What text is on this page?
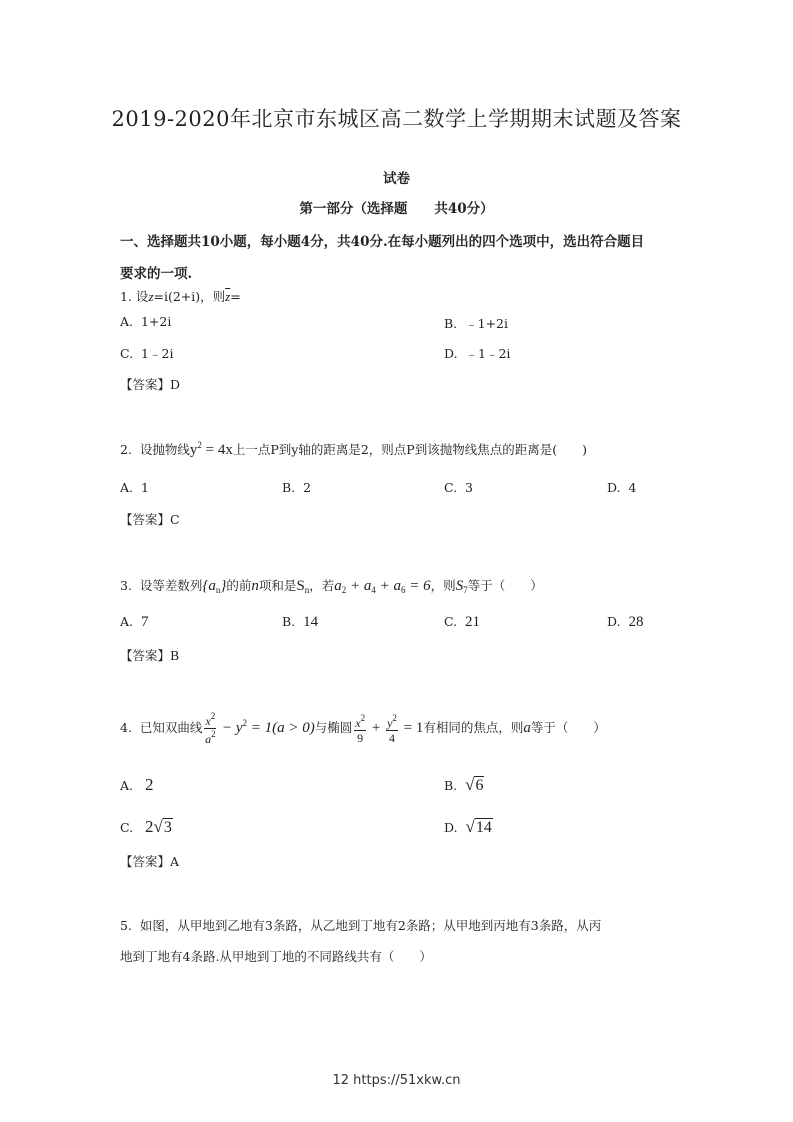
2019-2020年北京市东城区高二数学上学期期末试题及答案
试卷
第一部分（选择题　　共40分）
一、选择题共10小题，每小题4分，共40分.在每小题列出的四个选项中，选出符合题目
要求的一项.
1. 设z=i(2+i)，则$\overline{z}=$
A. 1+2i	B. ﹣1+2i
C. 1﹣2i	D. ﹣1﹣2i
【答案】D
2. 设抛物线$y^2 = 4x$上一点P到y轴的距离是2，则点P到该抛物线焦点的距离是(　　)
A. 1	B. 2	C. 3	D. 4
【答案】C
3. 设等差数列$\{a_n\}$的前n项和是$S_n$，若$a_2 + a_4 + a_6 = 6$，则$S_7$等于（　　）
A. 7	B. 14	C. 21	D. 28
【答案】B
4. 已知双曲线 $\frac{x^2}{a^2} - y^2 = 1(a > 0)$与椭圆 $\frac{x^2}{9} + \frac{y^2}{4} = 1$有相同的焦点，则a等于（　　）
A. 2	B. √6
C. 2√3	D. √14
【答案】A
5. 如图，从甲地到乙地有3条路，从乙地到丁地有2条路；从甲地到丙地有3条路，从丙
地到丁地有4条路.从甲地到丁地的不同路线共有（　　）
12 https://51xkw.cn
